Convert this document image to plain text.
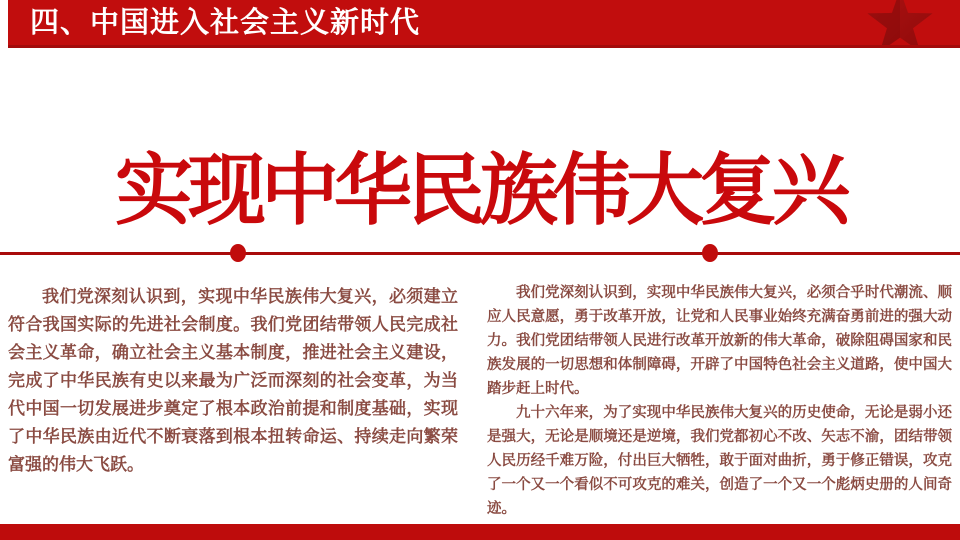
四、中国进入社会主义新时代
实现中华民族伟大复兴

我们党深刻认识到，实现中华民族伟大复兴，必须建立符合我国实际的先进社会制度。我们党团结带领人民完成社会主义革命，确立社会主义基本制度，推进社会主义建设，完成了中华民族有史以来最为广泛而深刻的社会变革，为当代中国一切发展进步奠定了根本政治前提和制度基础，实现了中华民族由近代不断衰落到根本扭转命运、持续走向繁荣富强的伟大飞跃。

我们党深刻认识到，实现中华民族伟大复兴，必须合乎时代潮流、顺应人民意愿，勇于改革开放，让党和人民事业始终充满奋勇前进的强大动力。我们党团结带领人民进行改革开放新的伟大革命，破除阻碍国家和民族发展的一切思想和体制障碍，开辟了中国特色社会主义道路，使中国大踏步赶上时代。

九十六年来，为了实现中华民族伟大复兴的历史使命，无论是弱小还是强大，无论是顺境还是逆境，我们党都初心不改、矢志不渝，团结带领人民历经千难万险，付出巨大牺牲，敢于面对曲折，勇于修正错误，攻克了一个又一个看似不可攻克的难关，创造了一个又一个彪炳史册的人间奇迹。
